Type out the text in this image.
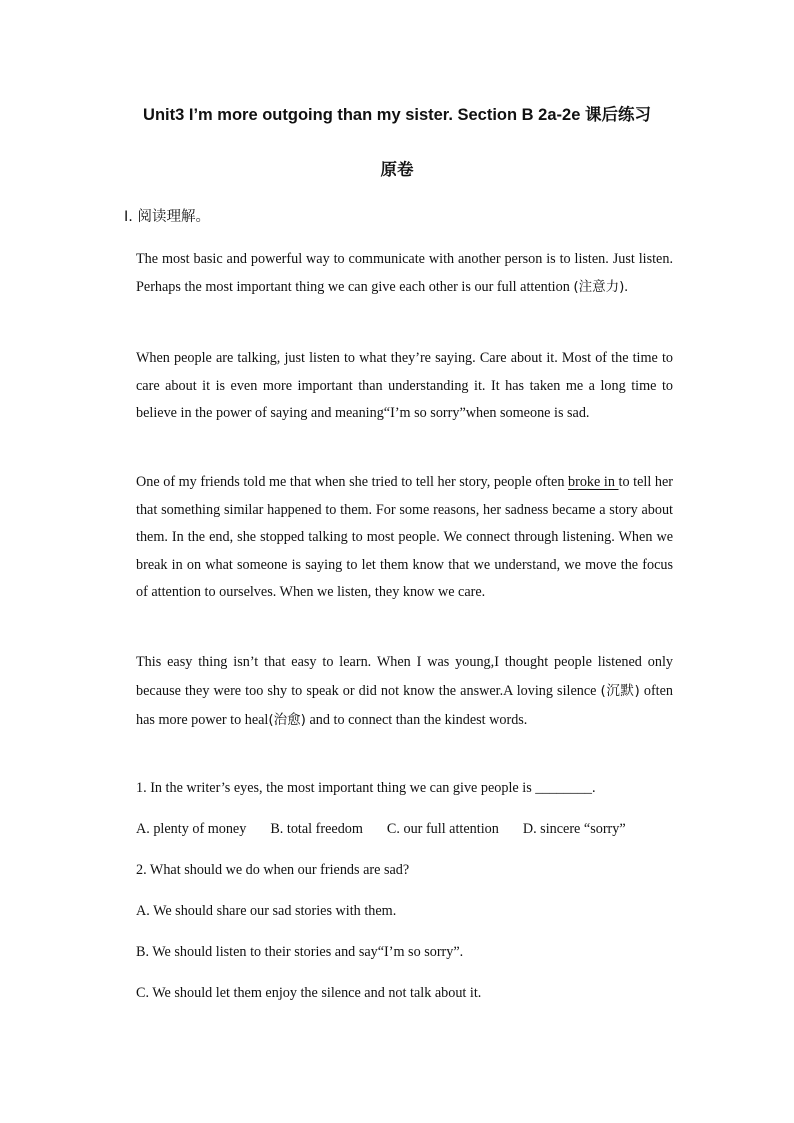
Unit3 I’m more outgoing than my sister. Section B 2a-2e 课后练习
原卷
Ⅰ. 阅读理解。
The most basic and powerful way to communicate with another person is to listen. Just listen. Perhaps the most important thing we can give each other is our full attention (注意力).
When people are talking, just listen to what they’re saying. Care about it. Most of the time to care about it is even more important than understanding it. It has taken me a long time to believe in the power of saying and meaning“I’m so sorry”when someone is sad.
One of my friends told me that when she tried to tell her story, people often broke in to tell her that something similar happened to them. For some reasons, her sadness became a story about them. In the end, she stopped talking to most people. We connect through listening. When we break in on what someone is saying to let them know that we understand, we move the focus of attention to ourselves. When we listen, they know we care.
This easy thing isn’t that easy to learn. When I was young,I thought people listened only because they were too shy to speak or did not know the answer.A loving silence (沉默) often has more power to heal(治愈) and to connect than the kindest words.
1. In the writer’s eyes, the most important thing we can give people is ________.
A. plenty of money B. total freedom C. our full attention D. sincere “sorry”
2. What should we do when our friends are sad?
A. We should share our sad stories with them.
B. We should listen to their stories and say“I’m so sorry”.
C. We should let them enjoy the silence and not talk about it.
